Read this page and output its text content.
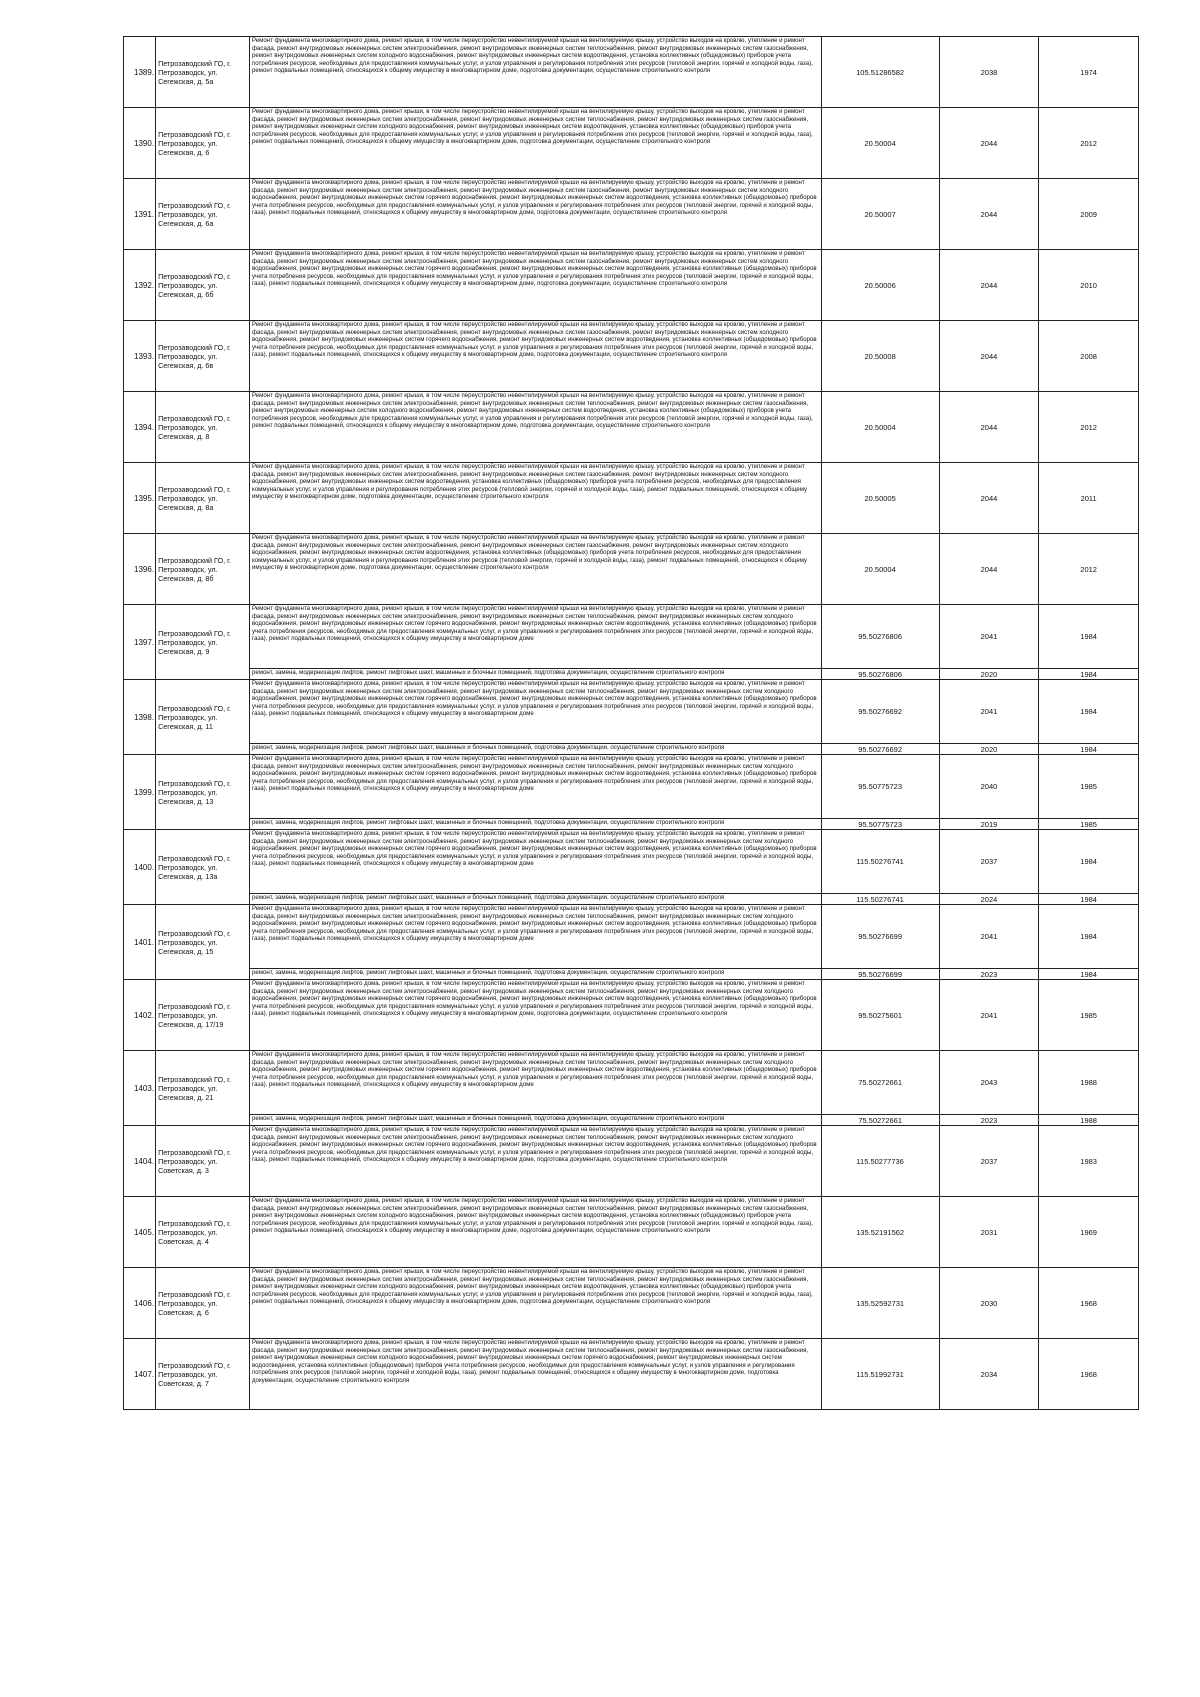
1389.	Петрозаводский ГО, г. Петрозаводск, ул. Сегежская, д. 5а	Ремонт фундамента многоквартирного дома, ремонт крыши, в том числе переустройство невентилируемой крыши на вентилируемую крышу, устройство выходов на кровлю, утепление и ремонт фасада, ремонт внутридомовых инженерных систем электроснабжения, ремонт внутридомовых инженерных систем теплоснабжения, ремонт внутридомовых инженерных систем газоснабжения, ремонт внутридомовых инженерных систем холодного водоснабжения, ремонт внутридомовых инженерных систем водоотведения, установка коллективных (общедомовых) приборов учета потребления ресурсов, необходимых для предоставления коммунальных услуг, и узлов управления и регулирования потребления этих ресурсов (тепловой энергии, горячей и холодной воды, газа), ремонт подвальных помещений, относящихся к общему имуществу в многоквартирном доме, подготовка документации, осуществление строительного контроля	105.51286582	2038	1974
1390.	Петрозаводский ГО, г. Петрозаводск, ул. Сегежская, д. 6	Ремонт фундамента многоквартирного дома, ремонт крыши, в том числе переустройство невентилируемой крыши на вентилируемую крышу, устройство выходов на кровлю, утепление и ремонт фасада, ремонт внутридомовых инженерных систем электроснабжения, ремонт внутридомовых инженерных систем теплоснабжения, ремонт внутридомовых инженерных систем газоснабжения, ремонт внутридомовых инженерных систем холодного водоснабжения, ремонт внутридомовых инженерных систем водоотведения, установка коллективных (общедомовых) приборов учета потребления ресурсов, необходимых для предоставления коммунальных услуг, и узлов управления и регулирования потребления этих ресурсов (тепловой энергии, горячей и холодной воды, газа), ремонт подвальных помещений, относящихся к общему имуществу в многоквартирном доме, подготовка документации, осуществление строительного контроля	20.50004	2044	2012
1391.	Петрозаводский ГО, г. Петрозаводск, ул. Сегежская, д. 6а	Ремонт фундамента многоквартирного дома, ремонт крыши, в том числе переустройство невентилируемой крыши на вентилируемую крышу, устройство выходов на кровлю, утепление и ремонт фасада, ремонт внутридомовых инженерных систем электроснабжения, ремонт внутридомовых инженерных систем газоснабжения, ремонт внутридомовых инженерных систем холодного водоснабжения, ремонт внутридомовых инженерных систем горячего водоснабжения, ремонт внутридомовых инженерных систем водоотведения, установка коллективных (общедомовых) приборов учета потребления ресурсов, необходимых для предоставления коммунальных услуг, и узлов управления и регулирования потребления этих ресурсов (тепловой энергии, горячей и холодной воды, газа), ремонт подвальных помещений, относящихся к общему имуществу в многоквартирном доме, подготовка документации, осуществление строительного контроля	20.50007	2044	2009
1392.	Петрозаводский ГО, г. Петрозаводск, ул. Сегежская, д. 6б	Ремонт фундамента многоквартирного дома, ремонт крыши, в том числе переустройство невентилируемой крыши на вентилируемую крышу, устройство выходов на кровлю, утепление и ремонт фасада, ремонт внутридомовых инженерных систем электроснабжения, ремонт внутридомовых инженерных систем газоснабжения, ремонт внутридомовых инженерных систем холодного водоснабжения, ремонт внутридомовых инженерных систем горячего водоснабжения, ремонт внутридомовых инженерных систем водоотведения, установка коллективных (общедомовых) приборов учета потребления ресурсов, необходимых для предоставления коммунальных услуг, и узлов управления и регулирования потребления этих ресурсов (тепловой энергии, горячей и холодной воды, газа), ремонт подвальных помещений, относящихся к общему имуществу в многоквартирном доме, подготовка документации, осуществление строительного контроля	20.50006	2044	2010
1393.	Петрозаводский ГО, г. Петрозаводск, ул. Сегежская, д. 6в	Ремонт фундамента многоквартирного дома, ремонт крыши, в том числе переустройство невентилируемой крыши на вентилируемую крышу, устройство выходов на кровлю, утепление и ремонт фасада, ремонт внутридомовых инженерных систем электроснабжения, ремонт внутридомовых инженерных систем газоснабжения, ремонт внутридомовых инженерных систем холодного водоснабжения, ремонт внутридомовых инженерных систем горячего водоснабжения, ремонт внутридомовых инженерных систем водоотведения, установка коллективных (общедомовых) приборов учета потребления ресурсов, необходимых для предоставления коммунальных услуг, и узлов управления и регулирования потребления этих ресурсов (тепловой энергии, горячей и холодной воды, газа), ремонт подвальных помещений, относящихся к общему имуществу в многоквартирном доме, подготовка документации, осуществление строительного контроля	20.50008	2044	2008
1394.	Петрозаводский ГО, г. Петрозаводск, ул. Сегежская, д. 8	Ремонт фундамента многоквартирного дома, ремонт крыши, в том числе переустройство невентилируемой крыши на вентилируемую крышу, устройство выходов на кровлю, утепление и ремонт фасада, ремонт внутридомовых инженерных систем электроснабжения, ремонт внутридомовых инженерных систем теплоснабжения, ремонт внутридомовых инженерных систем газоснабжения, ремонт внутридомовых инженерных систем холодного водоснабжения, ремонт внутридомовых инженерных систем водоотведения, установка коллективных (общедомовых) приборов учета потребления ресурсов, необходимых для предоставления коммунальных услуг, и узлов управления и регулирования потребления этих ресурсов (тепловой энергии, горячей и холодной воды, газа), ремонт подвальных помещений, относящихся к общему имуществу в многоквартирном доме, подготовка документации, осуществление строительного контроля	20.50004	2044	2012
1395.	Петрозаводский ГО, г. Петрозаводск, ул. Сегежская, д. 8а	Ремонт фундамента многоквартирного дома, ремонт крыши, в том числе переустройство невентилируемой крыши на вентилируемую крышу, устройство выходов на кровлю, утепление и ремонт фасада, ремонт внутридомовых инженерных систем электроснабжения, ремонт внутридомовых инженерных систем газоснабжения, ремонт внутридомовых инженерных систем холодного водоснабжения, ремонт внутридомовых инженерных систем водоотведения, установка коллективных (общедомовых) приборов учета потребления ресурсов, необходимых для предоставления коммунальных услуг, и узлов управления и регулирования потребления этих ресурсов (тепловой энергии, горячей и холодной воды, газа), ремонт подвальных помещений, относящихся к общему имуществу в многоквартирном доме, подготовка документации, осуществление строительного контроля	20.50005	2044	2011
1396.	Петрозаводский ГО, г. Петрозаводск, ул. Сегежская, д. 8б	Ремонт фундамента многоквартирного дома, ремонт крыши, в том числе переустройство невентилируемой крыши на вентилируемую крышу, устройство выходов на кровлю, утепление и ремонт фасада, ремонт внутридомовых инженерных систем электроснабжения, ремонт внутридомовых инженерных систем газоснабжения, ремонт внутридомовых инженерных систем холодного водоснабжения, ремонт внутридомовых инженерных систем водоотведения, установка коллективных (общедомовых) приборов учета потребления ресурсов, необходимых для предоставления коммунальных услуг, и узлов управления и регулирования потребления этих ресурсов (тепловой энергии, горячей и холодной воды, газа), ремонт подвальных помещений, относящихся к общему имуществу в многоквартирном доме, подготовка документации, осуществление строительного контроля	20.50004	2044	2012
1397.	Петрозаводский ГО, г. Петрозаводск, ул. Сегежская, д. 9	Ремонт фундамента многоквартирного дома, ремонт крыши, в том числе переустройство невентилируемой крыши на вентилируемую крышу, устройство выходов на кровлю, утепление и ремонт фасада, ремонт внутридомовых инженерных систем электроснабжения, ремонт внутридомовых инженерных систем теплоснабжения, ремонт внутридомовых инженерных систем холодного водоснабжения, ремонт внутридомовых инженерных систем горячего водоснабжения, ремонт внутридомовых инженерных систем водоотведения, установка коллективных (общедомовых) приборов учета потребления ресурсов, необходимых для предоставления коммунальных услуг, и узлов управления и регулирования потребления этих ресурсов (тепловой энергии, горячей и холодной воды, газа), ремонт подвальных помещений, относящихся к общему имуществу в многоквартирном доме	95.50276806	2041	1984

		ремонт, замена, модернизация лифтов, ремонт лифтовых шахт, машинных и блочных помещений, подготовка документации, осуществление строительного контроля	95.50276806	2020	1984
1398.	Петрозаводский ГО, г. Петрозаводск, ул. Сегежская, д. 11	Ремонт фундамента многоквартирного дома, ремонт крыши, в том числе переустройство невентилируемой крыши на вентилируемую крышу, устройство выходов на кровлю, утепление и ремонт фасада, ремонт внутридомовых инженерных систем электроснабжения, ремонт внутридомовых инженерных систем теплоснабжения, ремонт внутридомовых инженерных систем холодного водоснабжения, ремонт внутридомовых инженерных систем горячего водоснабжения, ремонт внутридомовых инженерных систем водоотведения, установка коллективных (общедомовых) приборов учета потребления ресурсов, необходимых для предоставления коммунальных услуг, и узлов управления и регулирования потребления этих ресурсов (тепловой энергии, горячей и холодной воды, газа), ремонт подвальных помещений, относящихся к общему имуществу в многоквартирном доме	95.50276692	2041	1984

		ремонт, замена, модернизация лифтов, ремонт лифтовых шахт, машинных и блочных помещений, подготовка документации, осуществление строительного контроля	95.50276692	2020	1984
1399.	Петрозаводский ГО, г. Петрозаводск, ул. Сегежская, д. 13	Ремонт фундамента многоквартирного дома, ремонт крыши, в том числе переустройство невентилируемой крыши на вентилируемую крышу, устройство выходов на кровлю, утепление и ремонт фасада, ремонт внутридомовых инженерных систем электроснабжения, ремонт внутридомовых инженерных систем теплоснабжения, ремонт внутридомовых инженерных систем холодного водоснабжения, ремонт внутридомовых инженерных систем горячего водоснабжения, ремонт внутридомовых инженерных систем водоотведения, установка коллективных (общедомовых) приборов учета потребления ресурсов, необходимых для предоставления коммунальных услуг, и узлов управления и регулирования потребления этих ресурсов (тепловой энергии, горячей и холодной воды, газа), ремонт подвальных помещений, относящихся к общему имуществу в многоквартирном доме	95.50775723	2040	1985

		ремонт, замена, модернизация лифтов, ремонт лифтовых шахт, машинных и блочных помещений, подготовка документации, осуществление строительного контроля	95.50775723	2019	1985
1400.	Петрозаводский ГО, г. Петрозаводск, ул. Сегежская, д. 13а	Ремонт фундамента многоквартирного дома, ремонт крыши, в том числе переустройство невентилируемой крыши на вентилируемую крышу, устройство выходов на кровлю, утепление и ремонт фасада, ремонт внутридомовых инженерных систем электроснабжения, ремонт внутридомовых инженерных систем теплоснабжения, ремонт внутридомовых инженерных систем холодного водоснабжения, ремонт внутридомовых инженерных систем горячего водоснабжения, ремонт внутридомовых инженерных систем водоотведения, установка коллективных (общедомовых) приборов учета потребления ресурсов, необходимых для предоставления коммунальных услуг, и узлов управления и регулирования потребления этих ресурсов (тепловой энергии, горячей и холодной воды, газа), ремонт подвальных помещений, относящихся к общему имуществу в многоквартирном доме	115.50276741	2037	1984

		ремонт, замена, модернизация лифтов, ремонт лифтовых шахт, машинных и блочных помещений, подготовка документации, осуществление строительного контроля	115.50276741	2024	1984
1401.	Петрозаводский ГО, г. Петрозаводск, ул. Сегежская, д. 15	Ремонт фундамента многоквартирного дома, ремонт крыши, в том числе переустройство невентилируемой крыши на вентилируемую крышу, устройство выходов на кровлю, утепление и ремонт фасада, ремонт внутридомовых инженерных систем электроснабжения, ремонт внутридомовых инженерных систем теплоснабжения, ремонт внутридомовых инженерных систем холодного водоснабжения, ремонт внутридомовых инженерных систем горячего водоснабжения, ремонт внутридомовых инженерных систем водоотведения, установка коллективных (общедомовых) приборов учета потребления ресурсов, необходимых для предоставления коммунальных услуг, и узлов управления и регулирования потребления этих ресурсов (тепловой энергии, горячей и холодной воды, газа), ремонт подвальных помещений, относящихся к общему имуществу в многоквартирном доме	95.50276699	2041	1984

		ремонт, замена, модернизация лифтов, ремонт лифтовых шахт, машинных и блочных помещений, подготовка документации, осуществление строительного контроля	95.50276699	2023	1984
1402.	Петрозаводский ГО, г. Петрозаводск, ул. Сегежская, д. 17/19	Ремонт фундамента многоквартирного дома, ремонт крыши, в том числе переустройство невентилируемой крыши на вентилируемую крышу, устройство выходов на кровлю, утепление и ремонт фасада, ремонт внутридомовых инженерных систем электроснабжения, ремонт внутридомовых инженерных систем теплоснабжения, ремонт внутридомовых инженерных систем холодного водоснабжения, ремонт внутридомовых инженерных систем горячего водоснабжения, ремонт внутридомовых инженерных систем водоотведения, установка коллективных (общедомовых) приборов учета потребления ресурсов, необходимых для предоставления коммунальных услуг, и узлов управления и регулирования потребления этих ресурсов (тепловой энергии, горячей и холодной воды, газа), ремонт подвальных помещений, относящихся к общему имуществу в многоквартирном доме, подготовка документации, осуществление строительного контроля	95.50275601	2041	1985
1403.	Петрозаводский ГО, г. Петрозаводск, ул. Сегежская, д. 21	Ремонт фундамента многоквартирного дома, ремонт крыши, в том числе переустройство невентилируемой крыши на вентилируемую крышу, устройство выходов на кровлю, утепление и ремонт фасада, ремонт внутридомовых инженерных систем электроснабжения, ремонт внутридомовых инженерных систем теплоснабжения, ремонт внутридомовых инженерных систем холодного водоснабжения, ремонт внутридомовых инженерных систем горячего водоснабжения, ремонт внутридомовых инженерных систем водоотведения, установка коллективных (общедомовых) приборов учета потребления ресурсов, необходимых для предоставления коммунальных услуг, и узлов управления и регулирования потребления этих ресурсов (тепловой энергии, горячей и холодной воды, газа), ремонт подвальных помещений, относящихся к общему имуществу в многоквартирном доме	75.50272661	2043	1988

		ремонт, замена, модернизация лифтов, ремонт лифтовых шахт, машинных и блочных помещений, подготовка документации, осуществление строительного контроля	75.50272661	2023	1988
1404.	Петрозаводский ГО, г. Петрозаводск, ул. Советская, д. 3	Ремонт фундамента многоквартирного дома, ремонт крыши, в том числе переустройство невентилируемой крыши на вентилируемую крышу, устройство выходов на кровлю, утепление и ремонт фасада, ремонт внутридомовых инженерных систем электроснабжения, ремонт внутридомовых инженерных систем теплоснабжения, ремонт внутридомовых инженерных систем холодного водоснабжения, ремонт внутридомовых инженерных систем горячего водоснабжения, ремонт внутридомовых инженерных систем водоотведения, установка коллективных (общедомовых) приборов учета потребления ресурсов, необходимых для предоставления коммунальных услуг, и узлов управления и регулирования потребления этих ресурсов (тепловой энергии, горячей и холодной воды, газа), ремонт подвальных помещений, относящихся к общему имуществу в многоквартирном доме, подготовка документации, осуществление строительного контроля	115.50277736	2037	1983
1405.	Петрозаводский ГО, г. Петрозаводск, ул. Советская, д. 4	Ремонт фундамента многоквартирного дома, ремонт крыши, в том числе переустройство невентилируемой крыши на вентилируемую крышу, устройство выходов на кровлю, утепление и ремонт фасада, ремонт внутридомовых инженерных систем электроснабжения, ремонт внутридомовых инженерных систем теплоснабжения, ремонт внутридомовых инженерных систем газоснабжения, ремонт внутридомовых инженерных систем холодного водоснабжения, ремонт внутридомовых инженерных систем водоотведения, установка коллективных (общедомовых) приборов учета потребления ресурсов, необходимых для предоставления коммунальных услуг, и узлов управления и регулирования потребления этих ресурсов (тепловой энергии, горячей и холодной воды, газа), ремонт подвальных помещений, относящихся к общему имуществу в многоквартирном доме, подготовка документации, осуществление строительного контроля	135.52191562	2031	1969
1406.	Петрозаводский ГО, г. Петрозаводск, ул. Советская, д. 6	Ремонт фундамента многоквартирного дома, ремонт крыши, в том числе переустройство невентилируемой крыши на вентилируемую крышу, устройство выходов на кровлю, утепление и ремонт фасада, ремонт внутридомовых инженерных систем электроснабжения, ремонт внутридомовых инженерных систем теплоснабжения, ремонт внутридомовых инженерных систем газоснабжения, ремонт внутридомовых инженерных систем холодного водоснабжения, ремонт внутридомовых инженерных систем водоотведения, установка коллективных (общедомовых) приборов учета потребления ресурсов, необходимых для предоставления коммунальных услуг, и узлов управления и регулирования потребления этих ресурсов (тепловой энергии, горячей и холодной воды, газа), ремонт подвальных помещений, относящихся к общему имуществу в многоквартирном доме, подготовка документации, осуществление строительного контроля	135.52592731	2030	1968
1407.	Петрозаводский ГО, г. Петрозаводск, ул. Советская, д. 7	Ремонт фундамента многоквартирного дома, ремонт крыши, в том числе переустройство невентилируемой крыши на вентилируемую крышу, устройство выходов на кровлю, утепление и ремонт фасада, ремонт внутридомовых инженерных систем электроснабжения, ремонт внутридомовых инженерных систем теплоснабжения, ремонт внутридомовых инженерных систем газоснабжения, ремонт внутридомовых инженерных систем холодного водоснабжения, ремонт внутридомовых инженерных систем горячего водоснабжения, ремонт внутридомовых инженерных систем водоотведения, установка коллективных (общедомовых) приборов учета потребления ресурсов, необходимых для предоставления коммунальных услуг, и узлов управления и регулирования потребления этих ресурсов (тепловой энергии, горячей и холодной воды, газа), ремонт подвальных помещений, относящихся к общему имуществу в многоквартирном доме, подготовка документации, осуществление строительного контроля	115.51992731	2034	1968
